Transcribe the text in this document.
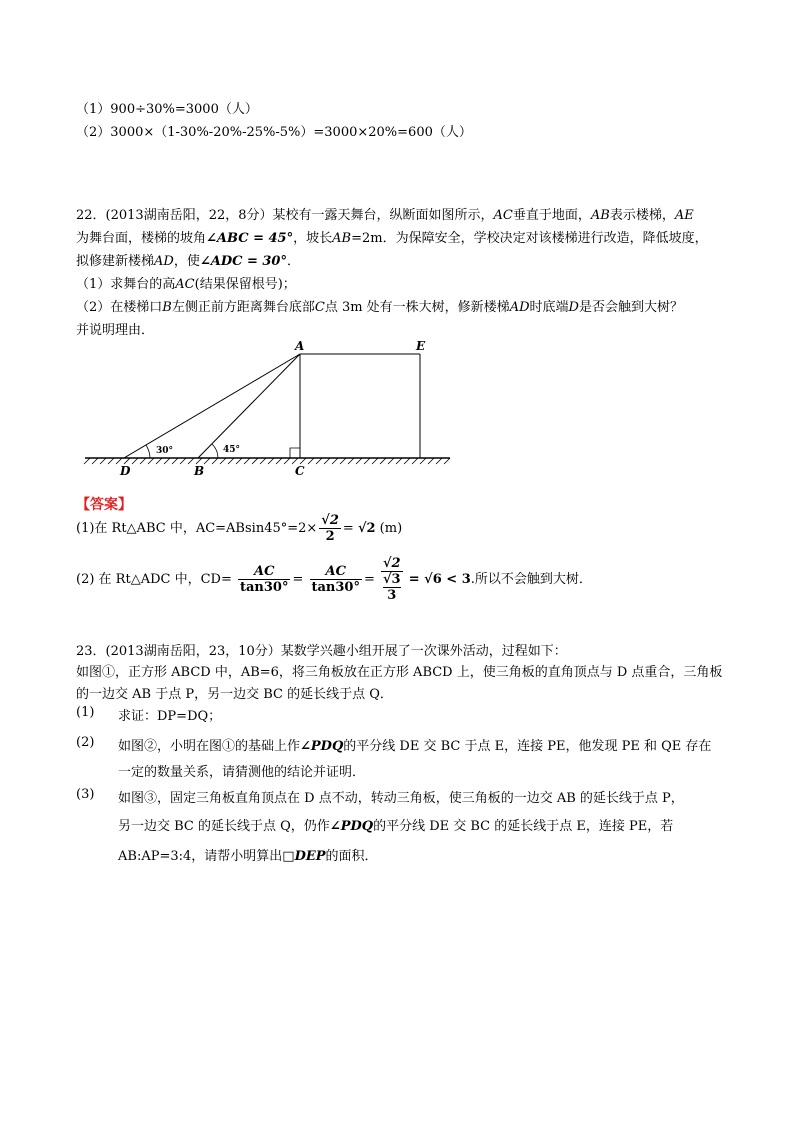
（1）900÷30%=3000（人）
（2）3000×（1-30%-20%-25%-5%）=3000×20%=600（人）
22．(2013湖南岳阳，22，8分）某校有一露天舞台，纵断面如图所示，AC垂直于地面，AB表示楼梯，AE
为舞台面，楼梯的坡角∠ABC = 45°，坡长AB=2m．为保障安全，学校决定对该楼梯进行改造，降低坡度，
拟修建新楼梯AD，使∠ADC = 30°．
（1）求舞台的高AC(结果保留根号)；
（2）在楼梯口B左侧正前方距离舞台底部C点 3m 处有一株大树，修新楼梯AD时底端D是否会触到大树？
并说明理由．
A	E
D	B	C
30°	45°
【答案】
(1)在 Rt△ABC 中，$AC=ABsin45^\circ=2\times \frac{√2}{2} = √2$ (m)
(2) 在 Rt△ADC 中，$CD= \frac{AC}{\tan 30^\circ} = \frac{AC}{\tan 30^\circ} = √2$
√3
3 = √6 < 3.所以不会触到大树．
23．(2013湖南岳阳，23，10分）某数学兴趣小组开展了一次课外活动，过程如下：
如图①，正方形 ABCD 中，AB=6，将三角板放在正方形 ABCD 上，使三角板的直角顶点与 D 点重合，三角板
的一边交 AB 于点 P，另一边交 BC 的延长线于点 Q．
(1) 求证：DP=DQ；
(2) 如图②，小明在图①的基础上作∠PDQ的平分线 DE 交 BC 于点 E，连接 PE，他发现 PE 和 QE 存在
一定的数量关系，请猜测他的结论并证明．
(3) 如图③，固定三角板直角顶点在 D 点不动，转动三角板，使三角板的一边交 AB 的延长线于点 P，
另一边交 BC 的延长线于点 Q，仍作∠PDQ的平分线 DE 交 BC 的延长线于点 E，连接 PE，若
AB:AP=3:4，请帮小明算出□DEP的面积．
